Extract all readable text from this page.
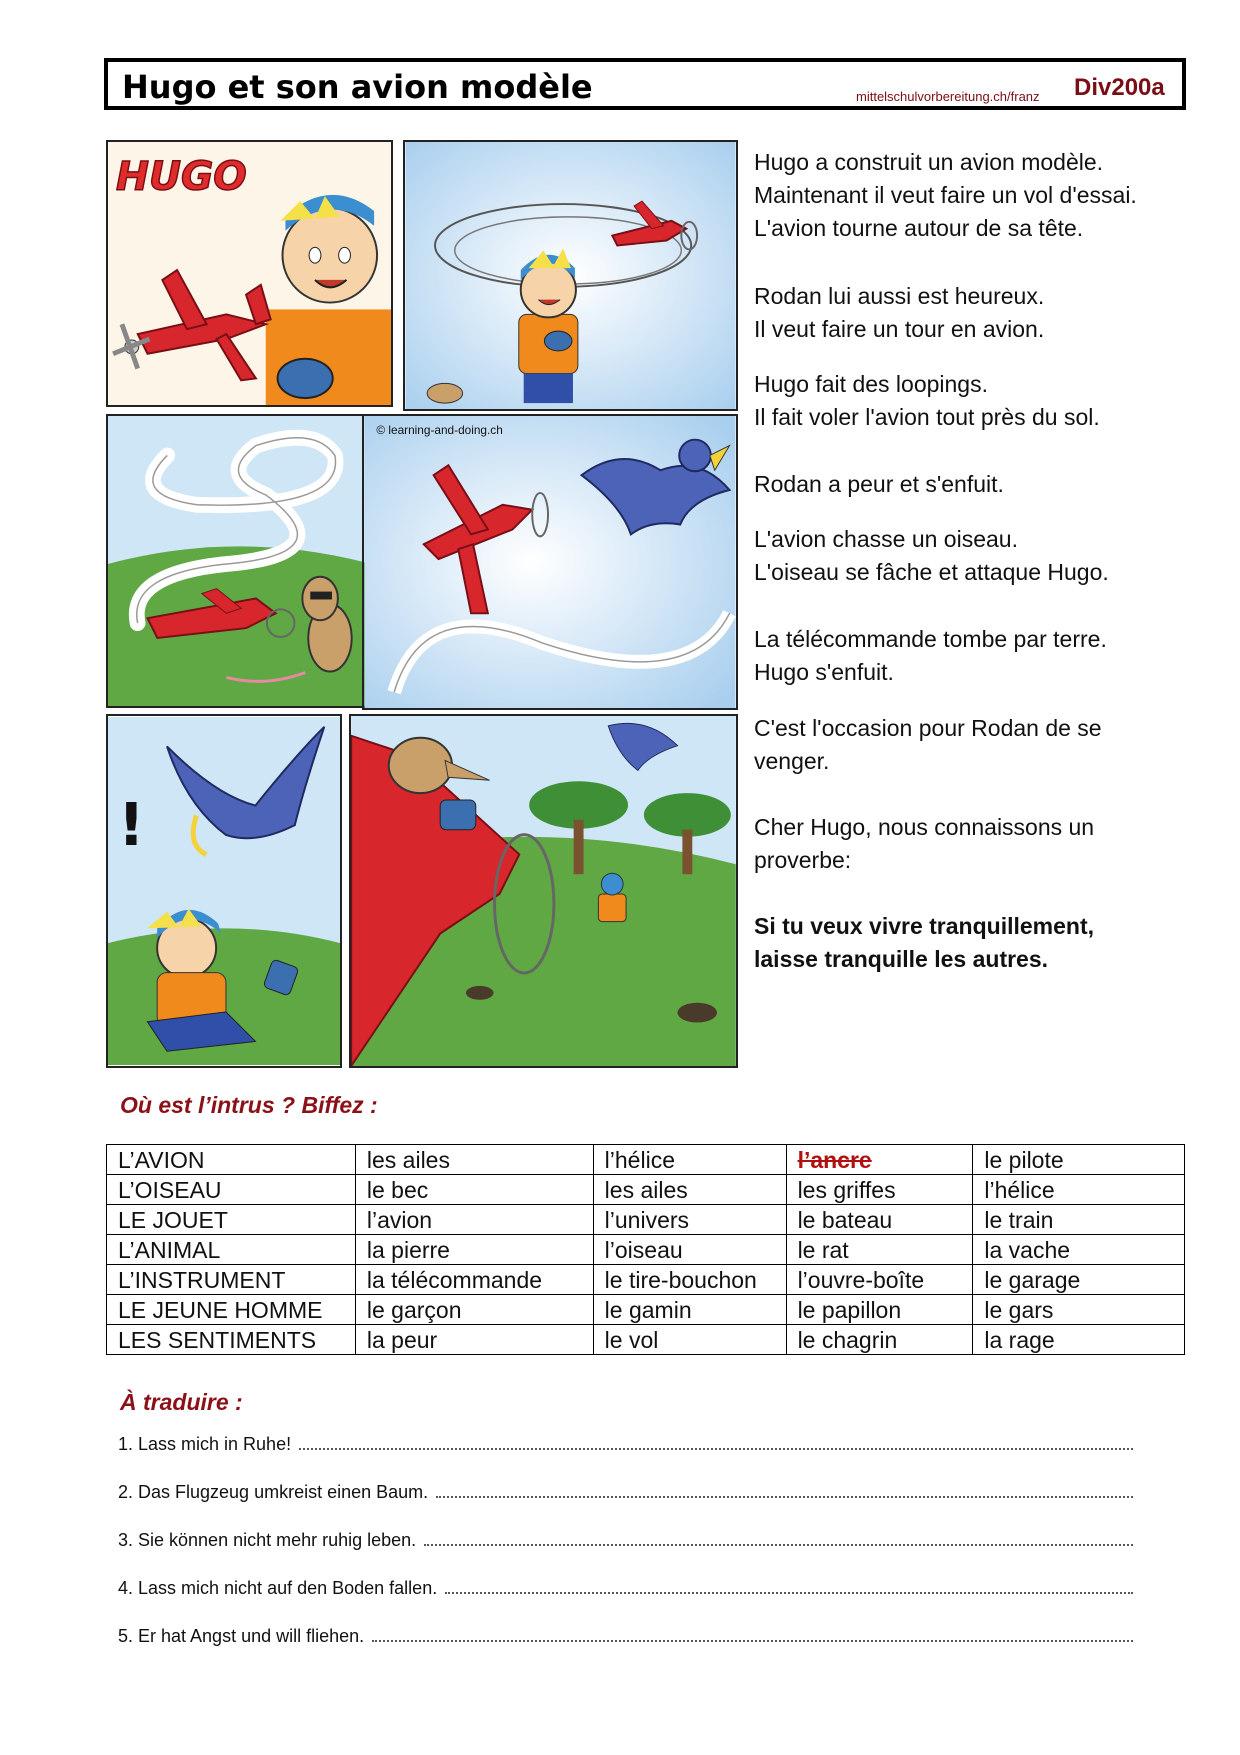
Hugo et son avion modèle	mittelschulvorbereitung.ch/franz Div200a
HUGO
© learning-and-doing.ch
!
Hugo a construit un avion modèle.
Maintenant il veut faire un vol d'essai.
L'avion tourne autour de sa tête.
Rodan lui aussi est heureux.
Il veut faire un tour en avion.
Hugo fait des loopings.
Il fait voler l'avion tout près du sol.
Rodan a peur et s'enfuit.
L'avion chasse un oiseau.
L'oiseau se fâche et attaque Hugo.
La télécommande tombe par terre.
Hugo s'enfuit.
C'est l'occasion pour Rodan de se
venger.
Cher Hugo, nous connaissons un
proverbe:
Si tu veux vivre tranquillement,
laisse tranquille les autres.
Où est l’intrus ? Biffez :
L’AVION	les ailes	l’hélice	l’ancre	le pilote
L’OISEAU	le bec	les ailes	les griffes	l’hélice
LE JOUET	l’avion	l’univers	le bateau	le train
L’ANIMAL	la pierre	l’oiseau	le rat	la vache
L’INSTRUMENT	la télécommande	le tire-bouchon	l’ouvre-boîte	le garage
LE JEUNE HOMME	le garçon	le gamin	le papillon	le gars
LES SENTIMENTS	la peur	le vol	le chagrin	la rage
À traduire :
1. Lass mich in Ruhe!
2. Das Flugzeug umkreist einen Baum.
3. Sie können nicht mehr ruhig leben.
4. Lass mich nicht auf den Boden fallen.
5. Er hat Angst und will fliehen.
